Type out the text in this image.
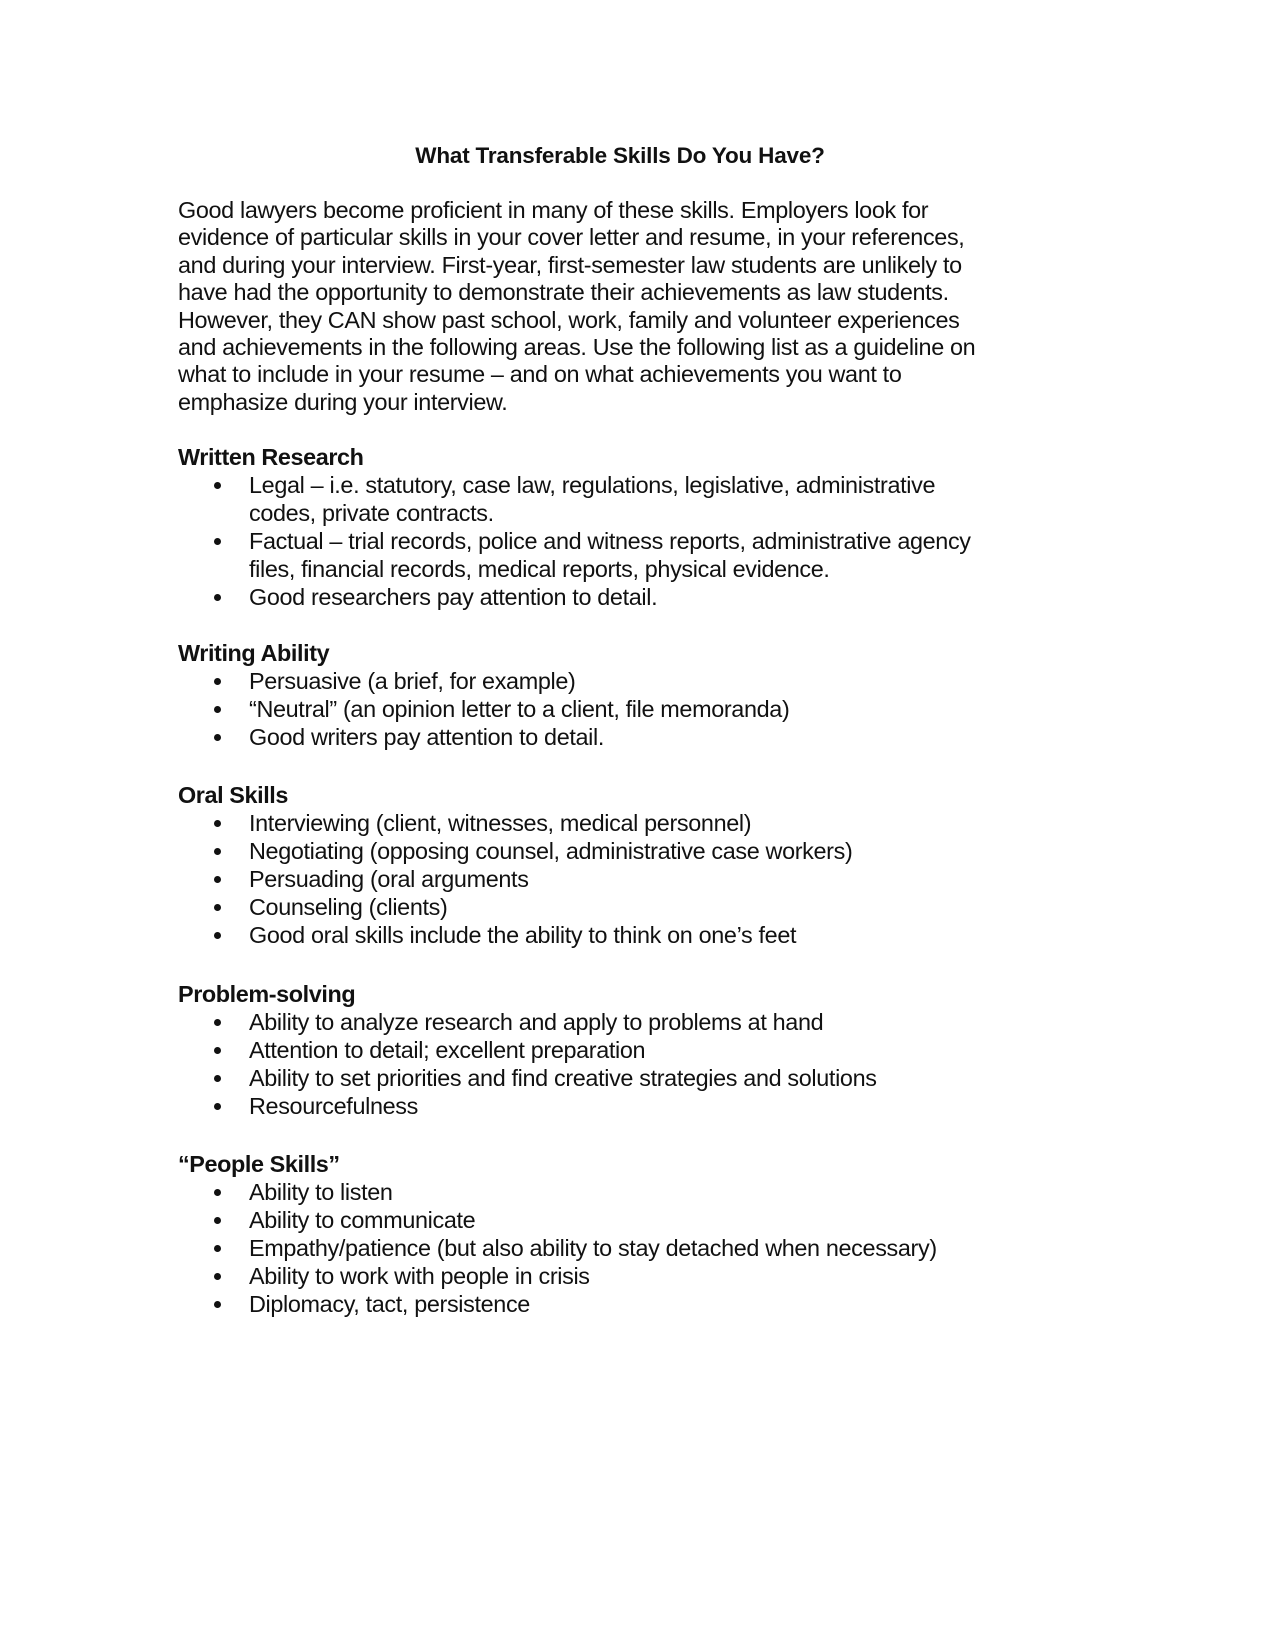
What Transferable Skills Do You Have?

Good lawyers become proficient in many of these skills. Employers look for
evidence of particular skills in your cover letter and resume, in your references,
and during your interview. First-year, first-semester law students are unlikely to
have had the opportunity to demonstrate their achievements as law students.
However, they CAN show past school, work, family and volunteer experiences
and achievements in the following areas. Use the following list as a guideline on
what to include in your resume – and on what achievements you want to
emphasize during your interview.

Written Research
Legal – i.e. statutory, case law, regulations, legislative, administrative
codes, private contracts.
Factual – trial records, police and witness reports, administrative agency
files, financial records, medical reports, physical evidence.
Good researchers pay attention to detail.
Writing Ability
Persuasive (a brief, for example)
“Neutral” (an opinion letter to a client, file memoranda)
Good writers pay attention to detail.
Oral Skills
Interviewing (client, witnesses, medical personnel)
Negotiating (opposing counsel, administrative case workers)
Persuading (oral arguments
Counseling (clients)
Good oral skills include the ability to think on one’s feet
Problem-solving
Ability to analyze research and apply to problems at hand
Attention to detail; excellent preparation
Ability to set priorities and find creative strategies and solutions
Resourcefulness
“People Skills”
Ability to listen
Ability to communicate
Empathy/patience (but also ability to stay detached when necessary)
Ability to work with people in crisis
Diplomacy, tact, persistence
